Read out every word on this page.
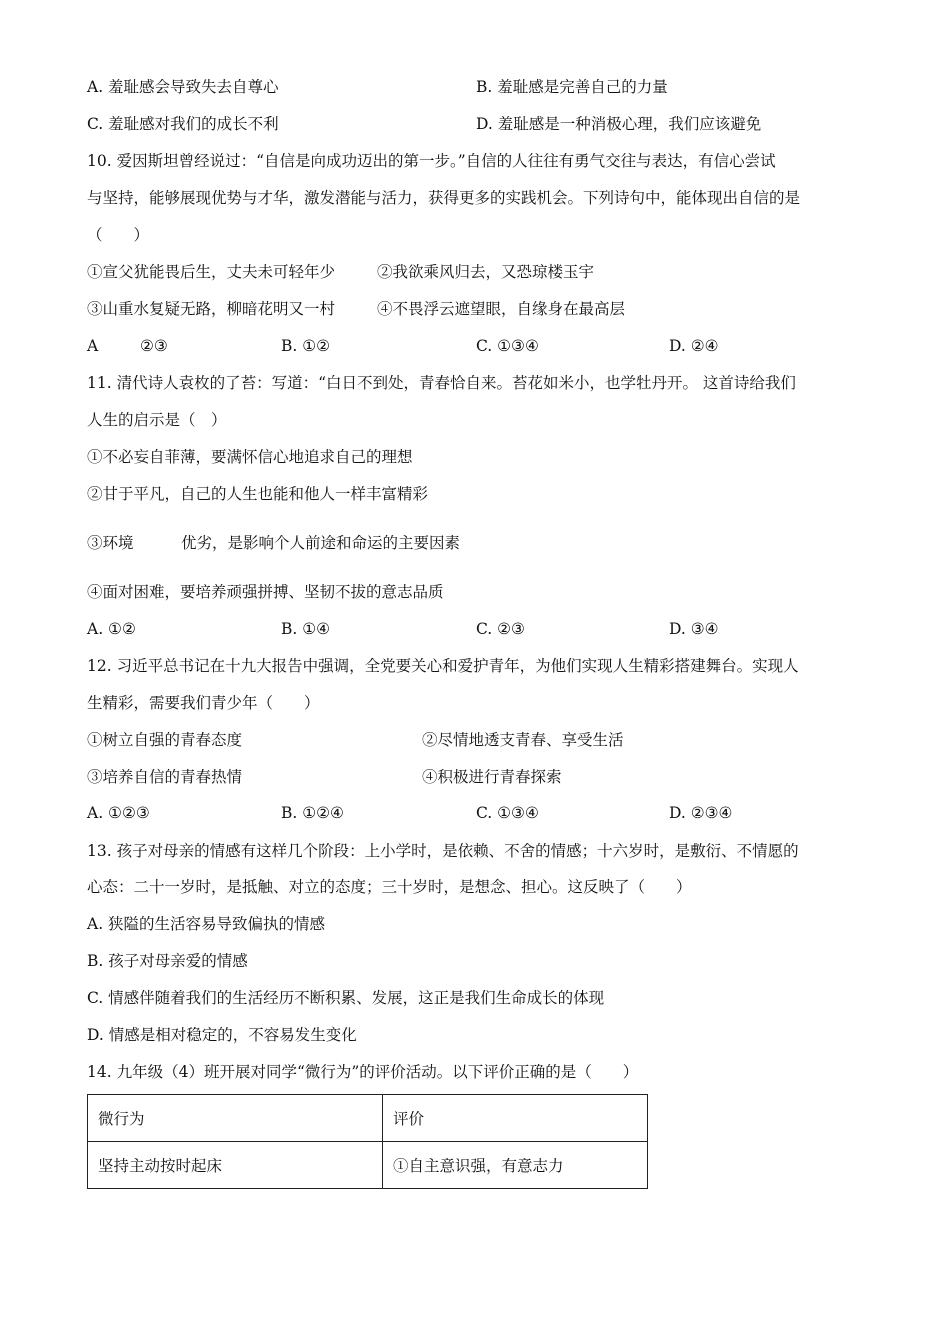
A. 羞耻感会导致失去自尊心	B. 羞耻感是完善自己的力量
C. 羞耻感对我们的成长不利	D. 羞耻感是一种消极心理，我们应该避免
10. 爱因斯坦曾经说过：“自信是向成功迈出的第一步。”自信的人往往有勇气交往与表达，有信心尝试
与坚持，能够展现优势与才华，激发潜能与活力，获得更多的实践机会。下列诗句中，能体现出自信的是
（　　）
①宣父犹能畏后生，丈夫未可轻年少	②我欲乘风归去，又恐琼楼玉宇
③山重水复疑无路，柳暗花明又一村	④不畏浮云遮望眼，自缘身在最高层
A	②③	B. ①②	C. ①③④	D. ②④
11. 清代诗人袁枚的了苔：写道：“白日不到处，青春恰自来。苔花如米小，也学牡丹开。 这首诗给我们
人生的启示是（　）
①不必妄自菲薄，要满怀信心地追求自己的理想
②甘于平凡，自己的人生也能和他人一样丰富精彩
③环境	优劣，是影响个人前途和命运的主要因素
④面对困难，要培养顽强拼搏、坚韧不拔的意志品质
A. ①②	B. ①④	C. ②③	D. ③④
12. 习近平总书记在十九大报告中强调，全党要关心和爱护青年，为他们实现人生精彩搭建舞台。实现人
生精彩，需要我们青少年（　　）
①树立自强的青春态度	②尽情地透支青春、享受生活
③培养自信的青春热情	④积极进行青春探索
A. ①②③	B. ①②④	C. ①③④	D. ②③④
13. 孩子对母亲的情感有这样几个阶段：上小学时，是依赖、不舍的情感；十六岁时，是敷衍、不情愿的
心态：二十一岁时，是抵触、对立的态度；三十岁时，是想念、担心。这反映了（　　）
A. 狭隘的生活容易导致偏执的情感
B. 孩子对母亲爱的情感
C. 情感伴随着我们的生活经历不断积累、发展，这正是我们生命成长的体现
D. 情感是相对稳定的，不容易发生变化
14. 九年级（4）班开展对同学“微行为”的评价活动。以下评价正确的是（　　）
微行为	评价
坚持主动按时起床	①自主意识强，有意志力
